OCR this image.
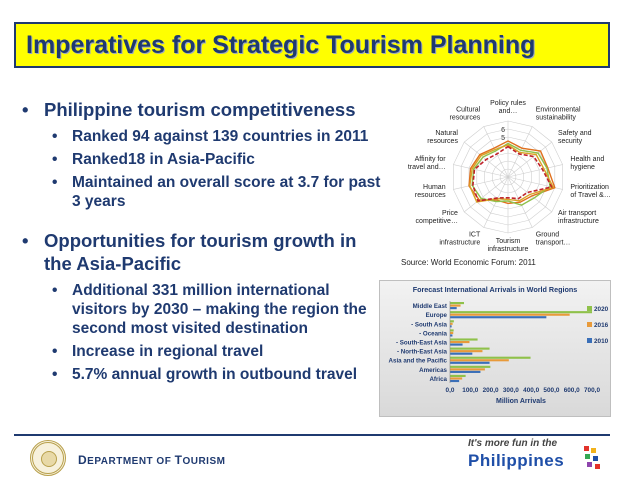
Imperatives for Strategic Tourism Planning
• Philippine tourism competitiveness
• Ranked 94 against 139 countries in 2011
• Ranked18 in Asia-Pacific
• Maintained an overall score at 3.7 for past 3 years
• Opportunities for tourism growth in the Asia-Pacific
• Additional 331 million international visitors by 2030 – making the region the second most visited destination
• Increase in regional travel
• 5.7% annual growth in outbound travel
5
6
Policy rules and…	Environmental sustainability
Safety and security
Health and hygiene
Prioritization of Travel &…
Air transport infrastructure
Ground transport…
Tourism infrastructure
ICT infrastructure
Price competitive…
Human resources
Affinity for travel and…
Natural resources
Cultural resources
Source: World Economic Forum: 2011
Forecast International Arrivals in World Regions
Middle East
Europe
- South Asia
- Oceania
- South-East Asia
- North-East Asia
Asia and the Pacific
Americas
Africa
0,0 100,0 200,0 300,0 400,0 500,0 600,0 700,0
Million Arrivals
2020
2016
2010
DEPARTMENT OF TOURISM
It's more fun in the
Philippines
